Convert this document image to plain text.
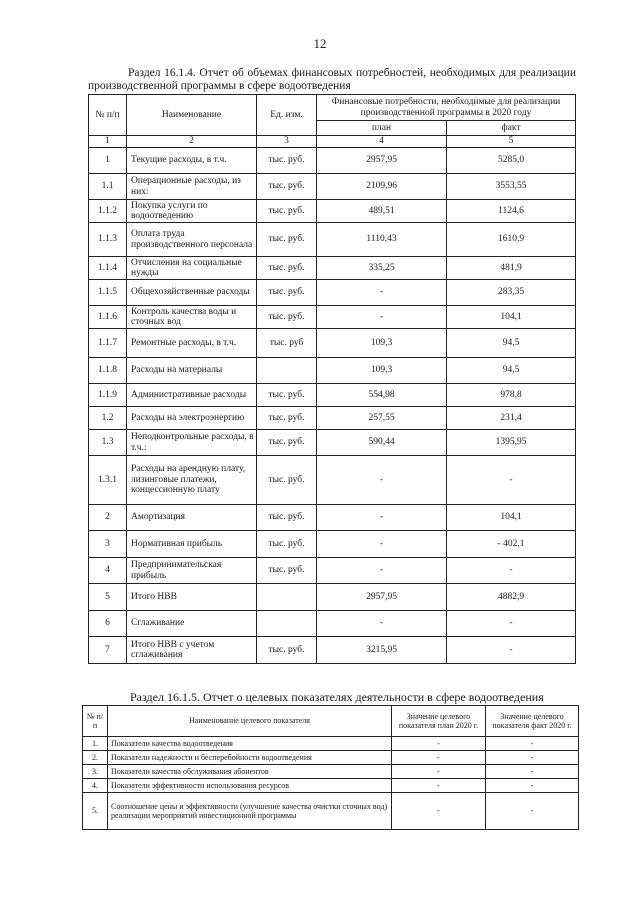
12
Раздел 16.1.4. Отчет об объемах финансовых потребностей, необходимых для реализации производственной программы в сфере водоотведения
№ п/п	Наименование	Ед. изм.	Финансовые потребности, необходимые для реализации производственной программы в 2020 году	
			план	факт
1	2	3	4	5
1	Текущие расходы, в т.ч.	тыс. руб.	2957,95	5285,0
1.1	Операционные расходы, из них:	тыс. руб.	2109,96	3553,55
1.1.2	Покупка услуги по водоотведению	тыс. руб.	489,51	1124,6
1.1.3	Оплата труда производственного персонала	тыс. руб.	1110,43	1610,9
1.1.4	Отчисления на социальные нужды	тыс. руб.	335,25	481,9
1.1.5	Общехозяйственные расходы	тыс. руб.	-	283,35
1.1.6	Контроль качества воды и сточных вод	тыс. руб.	-	104,1
1.1.7	Ремонтные расходы, в т.ч.	тыс. руб	109,3	94,5
1.1.8	Расходы на материалы		109,3	94,5
1.1.9	Административные расходы	тыс. руб.	554,98	978,8
1.2	Расходы на электроэнергию	тыс. руб.	257,55	231,4
1.3	Неподконтрольные расходы, в т.ч.:	тыс. руб.	590,44	1395,95
1.3.1	Расходы на арендную плату, лизинговые платежи, концессионную плату	тыс. руб.	-	-
2	Амортизация	тыс. руб.	-	104,1
3	Нормативная прибыль	тыс. руб.	-	- 402,1
4	Предпринимательская прибыль	тыс. руб.	-	-
5	Итого НВВ		2957,95	4882,9
6	Сглаживание		-	-
7	Итого НВВ с учетом сглаживания	тыс. руб.	3215,95	-
Раздел 16.1.5. Отчет о целевых показателях деятельности в сфере водоотведения
№ п/п	Наименование целевого показателя	Значение целевого показателя план 2020 г.	Значение целевого показателя факт 2020 г.
1.	Показатели качества водоотведения	-	-
2.	Показатели надежности и бесперебойности водоотведения	-	-
3.	Показатели качества обслуживания абонентов	-	-
4.	Показатели эффективности использования ресурсов	-	-
5.	Соотношение цены и эффективности (улучшение качества очистки сточных вод) реализации мероприятий инвестиционной программы	-	-
